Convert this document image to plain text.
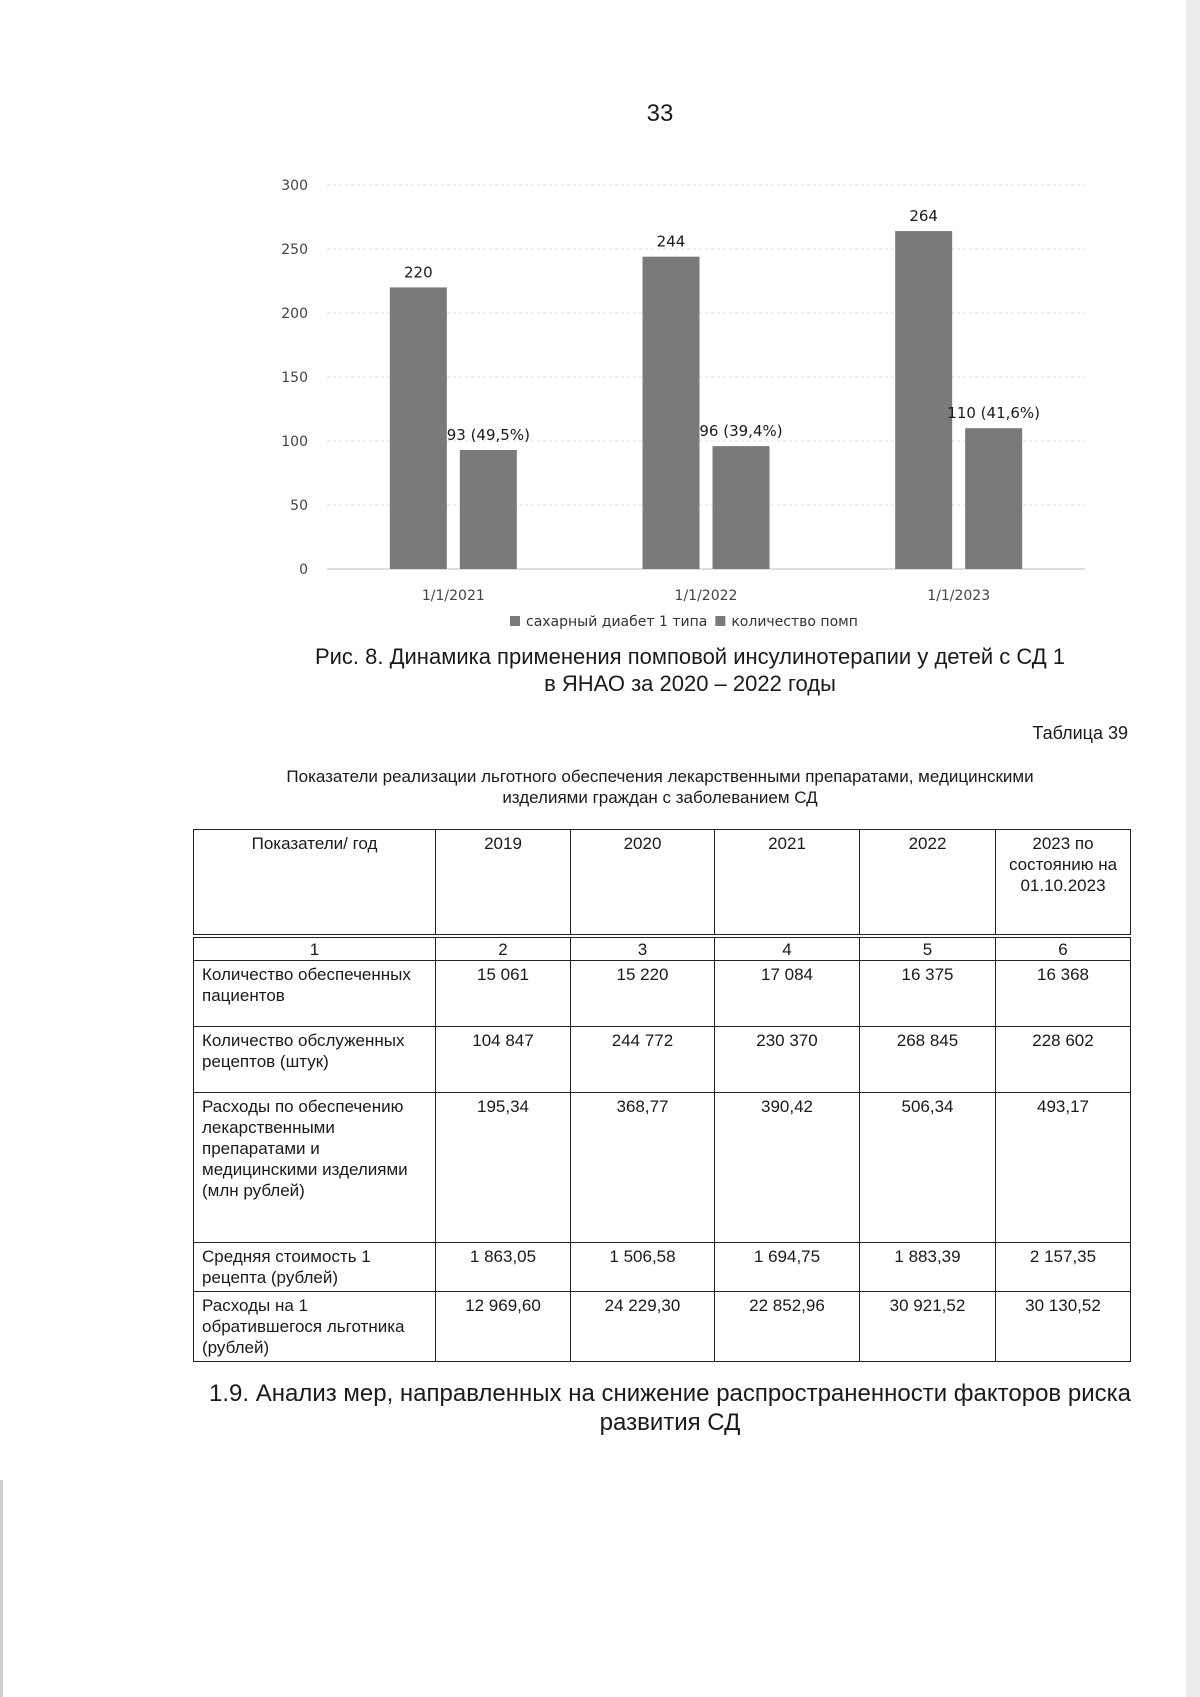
33
0
50
100
150
200
250
300
220
93 (49,5%)
244
96 (39,4%)
264
110 (41,6%)
1/1/2021	1/1/2022	1/1/2023
сахарный диабет 1 типа количество помп
Рис. 8. Динамика применения помповой инсулинотерапии у детей с СД 1
в ЯНАО за 2020 – 2022 годы
Таблица 39
Показатели реализации льготного обеспечения лекарственными препаратами, медицинскими
изделиями граждан с заболеванием СД
Показатели/ год	2019	2020	2021	2022	2023 по состоянию на 01.10.2023
1	2	3	4	5	6
Количество обеспеченных пациентов	15 061	15 220	17 084	16 375	16 368
Количество обслуженных рецептов (штук)	104 847	244 772	230 370	268 845	228 602
Расходы по обеспечению лекарственными препаратами и медицинскими изделиями (млн рублей)	195,34	368,77	390,42	506,34	493,17
Средняя стоимость 1 рецепта (рублей)	1 863,05	1 506,58	1 694,75	1 883,39	2 157,35
Расходы на 1 обратившегося льготника (рублей)	12 969,60	24 229,30	22 852,96	30 921,52	30 130,52
1.9. Анализ мер, направленных на снижение распространенности факторов риска развития СД
